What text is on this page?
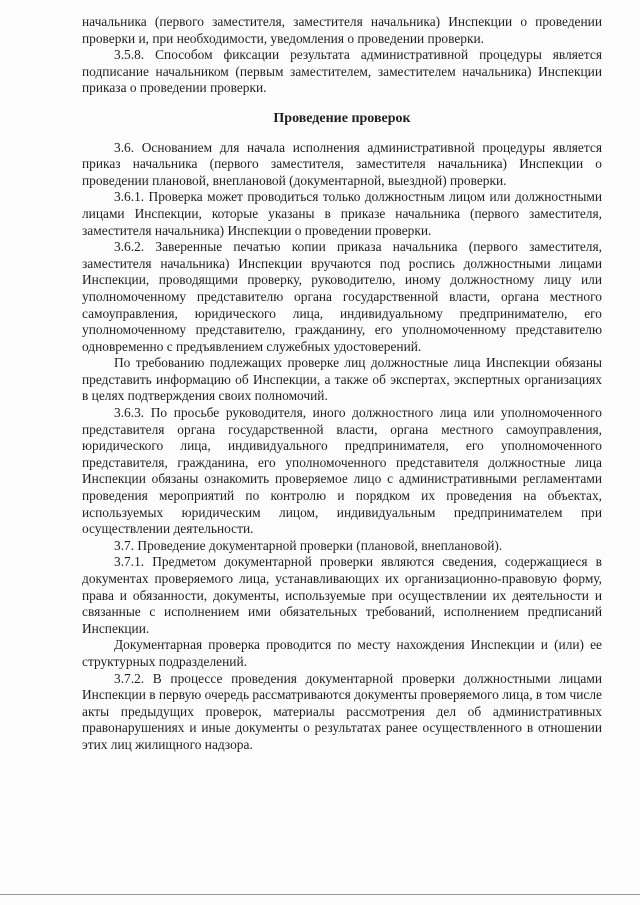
начальника (первого заместителя, заместителя начальника) Инспекции о проведении проверки и, при необходимости, уведомления о проведении проверки.

3.5.8. Способом фиксации результата административной процедуры является подписание начальником (первым заместителем, заместителем начальника) Инспекции приказа о проведении проверки.

Проведение проверок

3.6. Основанием для начала исполнения административной процедуры является приказ начальника (первого заместителя, заместителя начальника) Инспекции о проведении плановой, внеплановой (документарной, выездной) проверки.

3.6.1. Проверка может проводиться только должностным лицом или должностными лицами Инспекции, которые указаны в приказе начальника (первого заместителя, заместителя начальника) Инспекции о проведении проверки.

3.6.2. Заверенные печатью копии приказа начальника (первого заместителя, заместителя начальника) Инспекции вручаются под роспись должностными лицами Инспекции, проводящими проверку, руководителю, иному должностному лицу или уполномоченному представителю органа государственной власти, органа местного самоуправления, юридического лица, индивидуальному предпринимателю, его уполномоченному представителю, гражданину, его уполномоченному представителю одновременно с предъявлением служебных удостоверений.

По требованию подлежащих проверке лиц должностные лица Инспекции обязаны представить информацию об Инспекции, а также об экспертах, экспертных организациях в целях подтверждения своих полномочий.

3.6.3. По просьбе руководителя, иного должностного лица или уполномоченного представителя органа государственной власти, органа местного самоуправления, юридического лица, индивидуального предпринимателя, его уполномоченного представителя, гражданина, его уполномоченного представителя должностные лица Инспекции обязаны ознакомить проверяемое лицо с административными регламентами проведения мероприятий по контролю и порядком их проведения на объектах, используемых юридическим лицом, индивидуальным предпринимателем при осуществлении деятельности.

3.7. Проведение документарной проверки (плановой, внеплановой).

3.7.1. Предметом документарной проверки являются сведения, содержащиеся в документах проверяемого лица, устанавливающих их организационно-правовую форму, права и обязанности, документы, используемые при осуществлении их деятельности и связанные с исполнением ими обязательных требований, исполнением предписаний Инспекции.

Документарная проверка проводится по месту нахождения Инспекции и (или) ее структурных подразделений.

3.7.2. В процессе проведения документарной проверки должностными лицами Инспекции в первую очередь рассматриваются документы проверяемого лица, в том числе акты предыдущих проверок, материалы рассмотрения дел об административных правонарушениях и иные документы о результатах ранее осуществленного в отношении этих лиц жилищного надзора.
